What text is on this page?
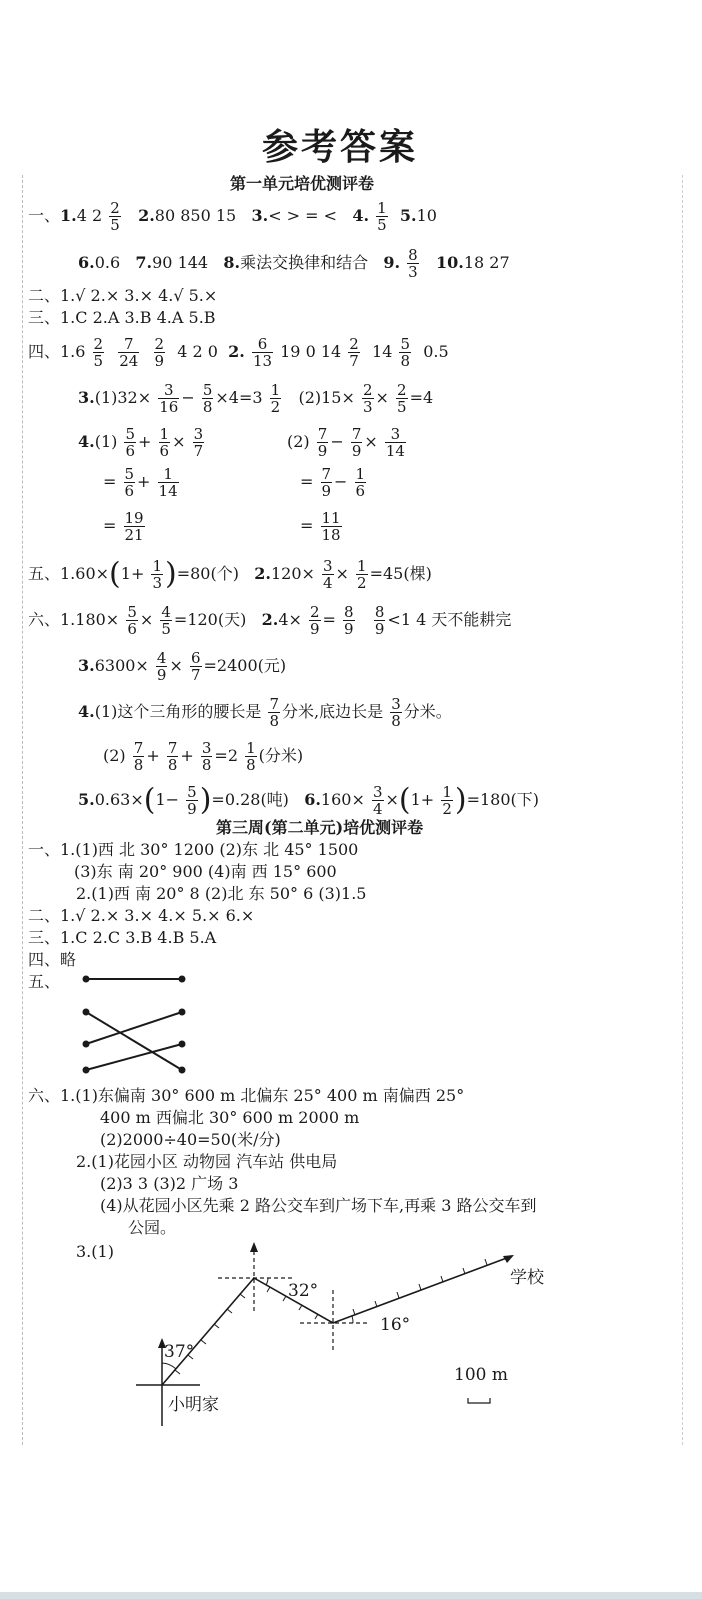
参考答案
第一单元培优测评卷
一、1.4 $2 \frac{2}{5} 2.80$ 850 15 3.< > = < 4. $\frac{1}{5} 5.10$
6.0.6 7.90 144 8.乘法交换律和结合 9. $\frac{8}{3} 10.18$ 27
二、1.√ 2.× 3.× 4.√ 5.×
三、1.C 2.A 3.B 4.A 5.B
四、$1.6 \frac{2}{5}$
$\frac{7}{24}$
$\frac{2}{9} 4$ 2 0 2. $\frac{6}{13} 19$ 0 $14 \frac{2}{7} 14 \frac{5}{8} 0.5$
$3.(1)32\times \frac{3}{16} - \frac{5}{8} \times 4=3 \frac{1}{2} (2)15\times \frac{2}{3} \times \frac{2}{5} =4$
$4.(1) \frac{5}{6} + \frac{1}{6} \times \frac{3}{7}$	$(2) \frac{7}{9} - \frac{7}{9} \times \frac{3}{14}$
= $\frac{5}{6} + \frac{1}{14}$	= $\frac{7}{9} - \frac{1}{6}$
= $\frac{19}{21}$	= $\frac{11}{18}$
五、$1.60\times(1+ \frac{1}{3} )=80$(个) $2.120\times \frac{3}{4} \times \frac{1}{2} =45$(棵)
六、$1.180\times \frac{5}{6} \times \frac{4}{5} =120$(天) $2.4\times \frac{2}{9} = \frac{8}{9}$
$\frac{8}{9} <1$ 4 天不能耕完
$3.6300\times \frac{4}{9} \times \frac{6}{7} =2400$(元)
4.(1)这个三角形的腰长是 $\frac{7}{8}$ 分米,底边长是 $\frac{3}{8}$ 分米。
$(2) \frac{7}{8} + \frac{7}{8} + \frac{3}{8} =2 \frac{1}{8}$ (分米)
$5.0.63\times(1- \frac{5}{9} )=0.28$(吨) $6.160\times \frac{3}{4} \times(1+ \frac{1}{2} )=180$(下)
第三周(第二单元)培优测评卷
一、1.(1)西 北 30° 1200 (2)东 北 45° 1500
(3)东 南 20° 900 (4)南 西 15° 600
2.(1)西 南 20° 8 (2)北 东 50° 6 (3)1.5
二、1.√ 2.× 3.× 4.× 5.× 6.×
三、1.C 2.C 3.B 4.B 5.A
四、略
五、
六、1.(1)东偏南 30° 600 m 北偏东 25° 400 m 南偏西 25°
400 m 西偏北 30° 600 m 2000 m
(2)2000÷40=50(米/分)
2.(1)花园小区 动物园 汽车站 供电局
(2)3 3 (3)2 广场 3
(4)从花园小区先乘 2 路公交车到广场下车,再乘 3 路公交车到
公园。
3.(1)
学校
小明家
32°
16°
37°
100 m
